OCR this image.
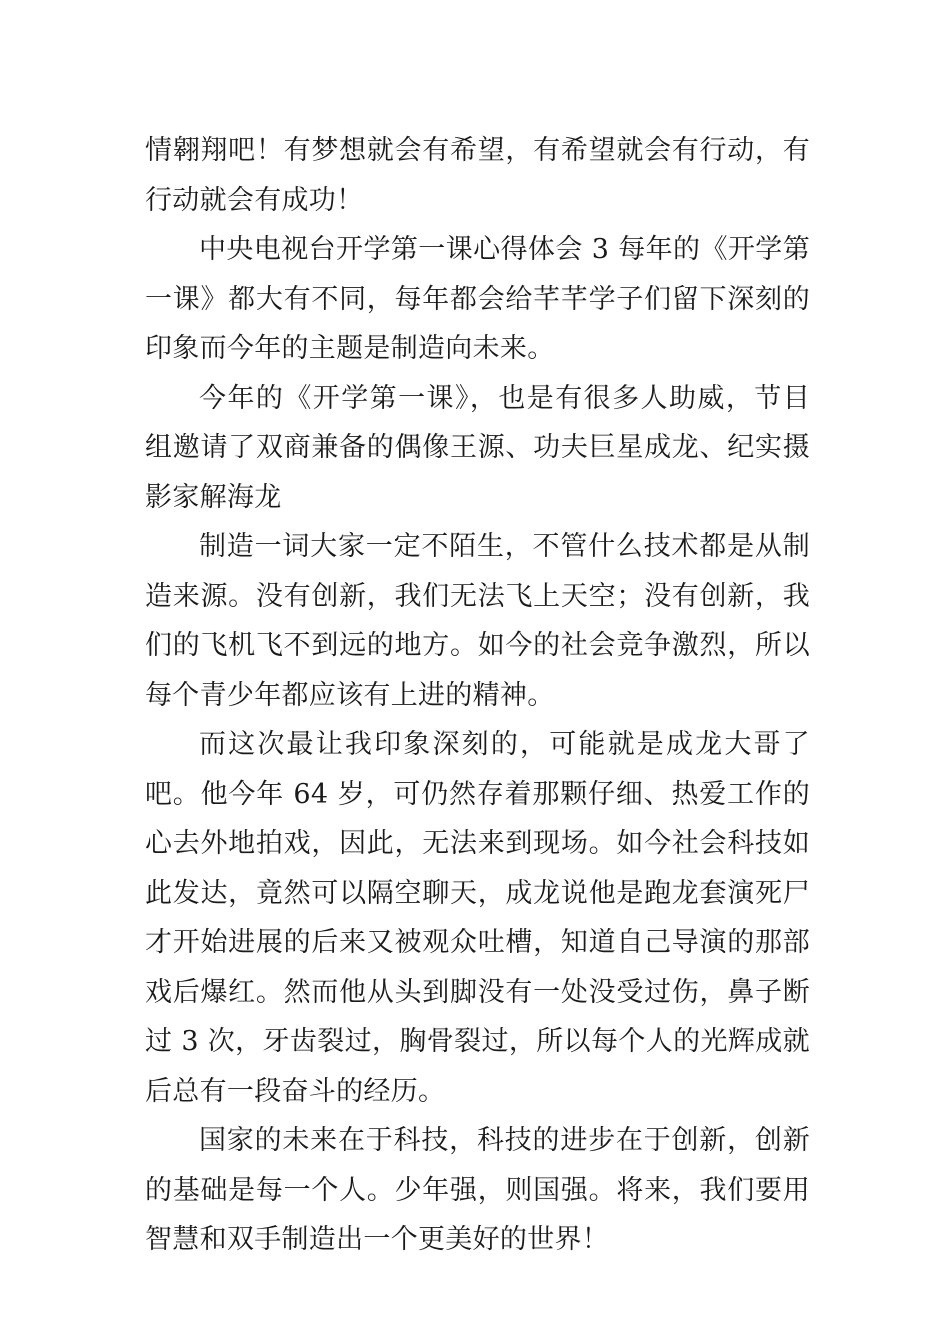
情翱翔吧！有梦想就会有希望，有希望就会有行动，有行动就会有成功！

中央电视台开学第一课心得体会 3 每年的《开学第一课》都大有不同，每年都会给芊芊学子们留下深刻的印象而今年的主题是制造向未来。

今年的《开学第一课》，也是有很多人助威，节目组邀请了双商兼备的偶像王源、功夫巨星成龙、纪实摄影家解海龙

制造一词大家一定不陌生，不管什么技术都是从制造来源。没有创新，我们无法飞上天空；没有创新，我们的飞机飞不到远的地方。如今的社会竞争激烈，所以每个青少年都应该有上进的精神。

而这次最让我印象深刻的，可能就是成龙大哥了吧。他今年 64 岁，可仍然存着那颗仔细、热爱工作的心去外地拍戏，因此，无法来到现场。如今社会科技如此发达，竟然可以隔空聊天，成龙说他是跑龙套演死尸才开始进展的后来又被观众吐槽，知道自己导演的那部戏后爆红。然而他从头到脚没有一处没受过伤，鼻子断过 3 次，牙齿裂过，胸骨裂过，所以每个人的光辉成就后总有一段奋斗的经历。

国家的未来在于科技，科技的进步在于创新，创新的基础是每一个人。少年强，则国强。将来，我们要用智慧和双手制造出一个更美好的世界！
